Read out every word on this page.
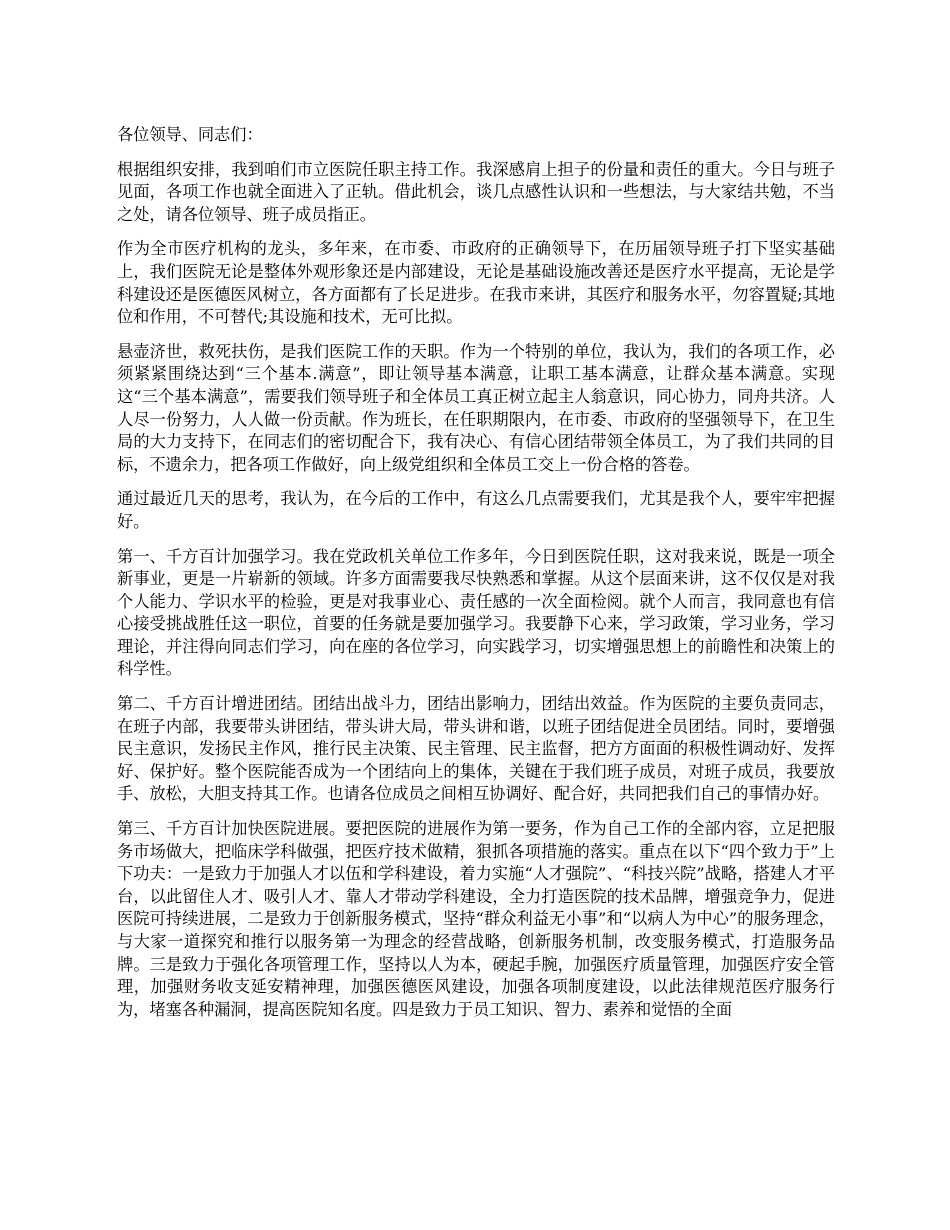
各位领导、同志们：

根据组织安排，我到咱们市立医院任职主持工作。我深感肩上担子的份量和责任的重大。今日与班子见面，各项工作也就全面进入了正轨。借此机会，谈几点感性认识和一些想法，与大家结共勉，不当之处，请各位领导、班子成员指正。

作为全市医疗机构的龙头，多年来，在市委、市政府的正确领导下，在历届领导班子打下坚实基础上，我们医院无论是整体外观形象还是内部建设，无论是基础设施改善还是医疗水平提高，无论是学科建设还是医德医风树立，各方面都有了长足进步。在我市来讲，其医疗和服务水平，勿容置疑;其地位和作用，不可替代;其设施和技术，无可比拟。

悬壶济世，救死扶伤，是我们医院工作的天职。作为一个特别的单位，我认为，我们的各项工作，必须紧紧围绕达到“三个基本.满意”，即让领导基本满意，让职工基本满意，让群众基本满意。实现这“三个基本满意”，需要我们领导班子和全体员工真正树立起主人翁意识，同心协力，同舟共济。人人尽一份努力，人人做一份贡献。作为班长，在任职期限内，在市委、市政府的坚强领导下，在卫生局的大力支持下，在同志们的密切配合下，我有决心、有信心团结带领全体员工，为了我们共同的目标，不遗余力，把各项工作做好，向上级党组织和全体员工交上一份合格的答卷。

通过最近几天的思考，我认为，在今后的工作中，有这么几点需要我们，尤其是我个人，要牢牢把握好。

第一、千方百计加强学习。我在党政机关单位工作多年，今日到医院任职，这对我来说，既是一项全新事业，更是一片崭新的领域。许多方面需要我尽快熟悉和掌握。从这个层面来讲，这不仅仅是对我个人能力、学识水平的检验，更是对我事业心、责任感的一次全面检阅。就个人而言，我同意也有信心接受挑战胜任这一职位，首要的任务就是要加强学习。我要静下心来，学习政策，学习业务，学习理论，并注得向同志们学习，向在座的各位学习，向实践学习，切实增强思想上的前瞻性和决策上的科学性。

第二、千方百计增进团结。团结出战斗力，团结出影响力，团结出效益。作为医院的主要负责同志，在班子内部，我要带头讲团结，带头讲大局，带头讲和谐，以班子团结促进全员团结。同时，要增强民主意识，发扬民主作风，推行民主决策、民主管理、民主监督，把方方面面的积极性调动好、发挥好、保护好。整个医院能否成为一个团结向上的集体，关键在于我们班子成员，对班子成员，我要放手、放松，大胆支持其工作。也请各位成员之间相互协调好、配合好，共同把我们自己的事情办好。

第三、千方百计加快医院进展。要把医院的进展作为第一要务，作为自己工作的全部内容，立足把服务市场做大，把临床学科做强，把医疗技术做精，狠抓各项措施的落实。重点在以下“四个致力于”上下功夫：一是致力于加强人才以伍和学科建设，着力实施“人才强院”、“科技兴院”战略，搭建人才平台，以此留住人才、吸引人才、靠人才带动学科建设，全力打造医院的技术品牌，增强竞争力，促进医院可持续进展，二是致力于创新服务模式，坚持“群众利益无小事”和“以病人为中心”的服务理念，与大家一道探究和推行以服务第一为理念的经营战略，创新服务机制，改变服务模式，打造服务品牌。三是致力于强化各项管理工作，坚持以人为本，硬起手腕，加强医疗质量管理，加强医疗安全管理，加强财务收支延安精神理，加强医德医风建设，加强各项制度建设，以此法律规范医疗服务行为，堵塞各种漏洞，提高医院知名度。四是致力于员工知识、智力、素养和觉悟的全面
